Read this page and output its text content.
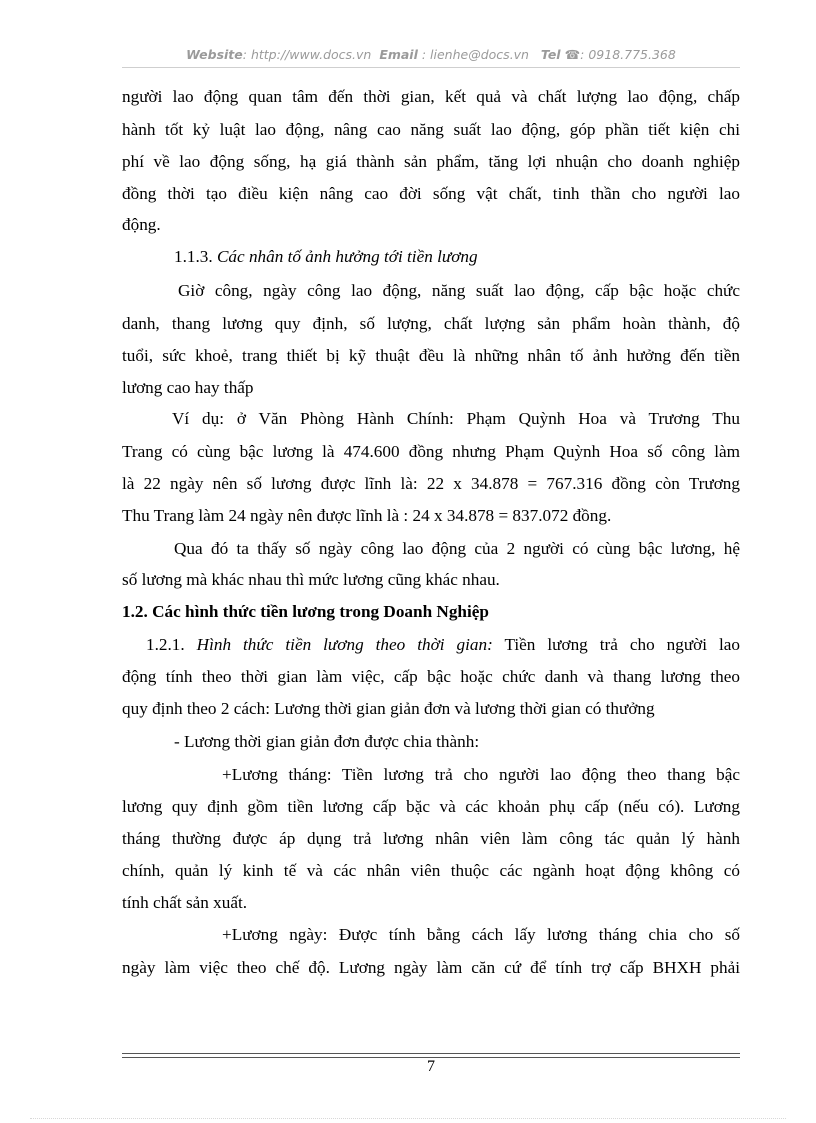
Website: http://www.docs.vn Email : lienhe@docs.vn Tel ☎: 0918.775.368
người lao động quan tâm đến thời gian, kết quả và chất lượng lao động, chấp
hành tốt kỷ luật lao động, nâng cao năng suất lao động, góp phần tiết kiện chi
phí về lao động sống, hạ giá thành sản phẩm, tăng lợi nhuận cho doanh nghiệp
đồng thời tạo điều kiện nâng cao đời sống vật chất, tinh thần cho người lao
động.
1.1.3. Các nhân tố ảnh hưởng tới tiền lương
Giờ công, ngày công lao động, năng suất lao động, cấp bậc hoặc chức
danh, thang lương quy định, số lượng, chất lượng sản phẩm hoàn thành, độ
tuổi, sức khoẻ, trang thiết bị kỹ thuật đều là những nhân tố ảnh hưởng đến tiền
lương cao hay thấp
Ví dụ: ở Văn Phòng Hành Chính: Phạm Quỳnh Hoa và Trương Thu
Trang có cùng bậc lương là 474.600 đồng nhưng Phạm Quỳnh Hoa số công làm
là 22 ngày nên số lương được lĩnh là: 22 x 34.878 = 767.316 đồng còn Trương
Thu Trang làm 24 ngày nên được lĩnh là : 24 x 34.878 = 837.072 đồng.
Qua đó ta thấy số ngày công lao động của 2 người có cùng bậc lương, hệ
số lương mà khác nhau thì mức lương cũng khác nhau.
1.2. Các hình thức tiền lương trong Doanh Nghiệp
1.2.1. Hình thức tiền lương theo thời gian: Tiền lương trả cho người lao
động tính theo thời gian làm việc, cấp bậc hoặc chức danh và thang lương theo
quy định theo 2 cách: Lương thời gian giản đơn và lương thời gian có thưởng
- Lương thời gian giản đơn được chia thành:
+Lương tháng: Tiền lương trả cho người lao động theo thang bậc
lương quy định gồm tiền lương cấp bặc và các khoản phụ cấp (nếu có). Lương
tháng thường được áp dụng trả lương nhân viên làm công tác quản lý hành
chính, quản lý kinh tế và các nhân viên thuộc các ngành hoạt động không có
tính chất sản xuất.
+Lương ngày: Được tính bằng cách lấy lương tháng chia cho số
ngày làm việc theo chế độ. Lương ngày làm căn cứ để tính trợ cấp BHXH phải
7
